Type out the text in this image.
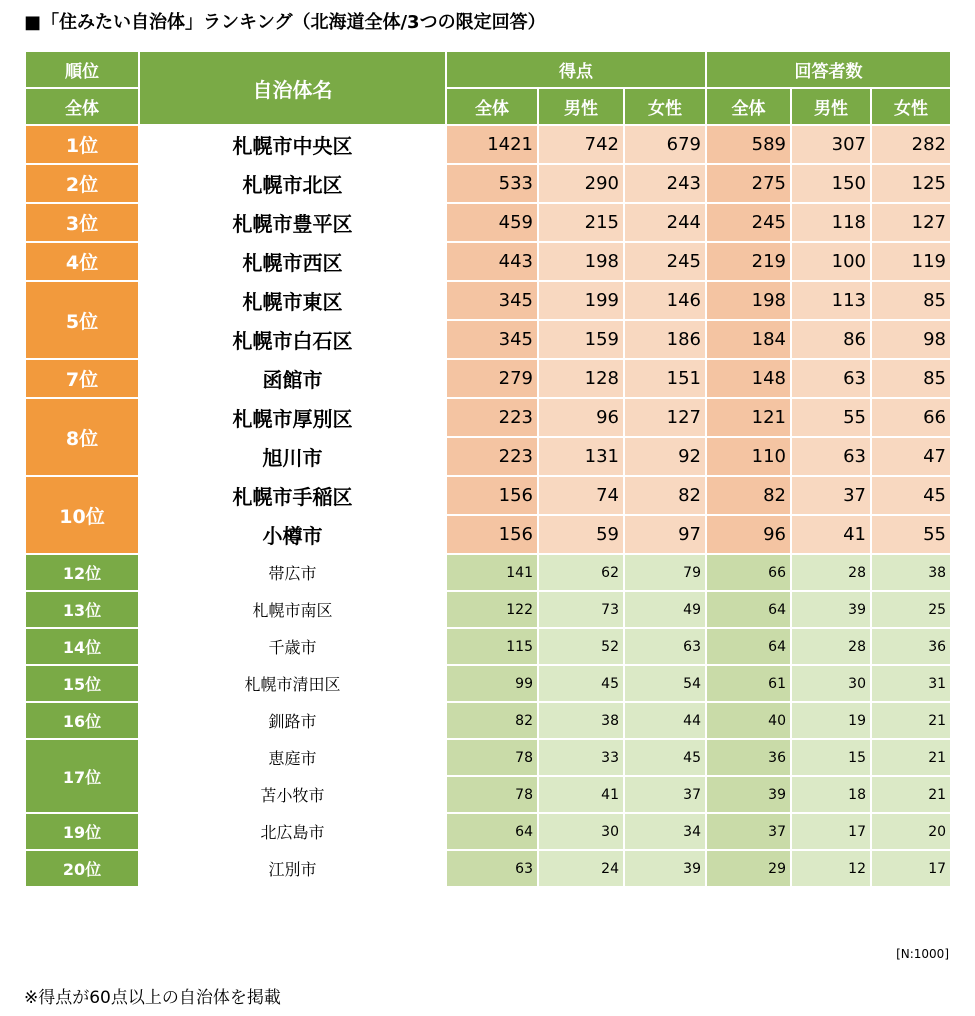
■「住みたい自治体」ランキング（北海道全体/3つの限定回答）
順位	自治体名	得点			回答者数		
全体		全体	男性	女性	全体	男性	女性
1位	札幌市中央区	1421	742	679	589	307	282
2位	札幌市北区	533	290	243	275	150	125
3位	札幌市豊平区	459	215	244	245	118	127
4位	札幌市西区	443	198	245	219	100	119
5位	札幌市東区	345	199	146	198	113	85
	札幌市白石区	345	159	186	184	86	98
7位	函館市	279	128	151	148	63	85
8位	札幌市厚別区	223	96	127	121	55	66
	旭川市	223	131	92	110	63	47
10位	札幌市手稲区	156	74	82	82	37	45
	小樽市	156	59	97	96	41	55
12位	帯広市	141	62	79	66	28	38
13位	札幌市南区	122	73	49	64	39	25
14位	千歳市	115	52	63	64	28	36
15位	札幌市清田区	99	45	54	61	30	31
16位	釧路市	82	38	44	40	19	21
17位	恵庭市	78	33	45	36	15	21
	苫小牧市	78	41	37	39	18	21
19位	北広島市	64	30	34	37	17	20
20位	江別市	63	24	39	29	12	17
[N:1000]
※得点が60点以上の自治体を掲載
